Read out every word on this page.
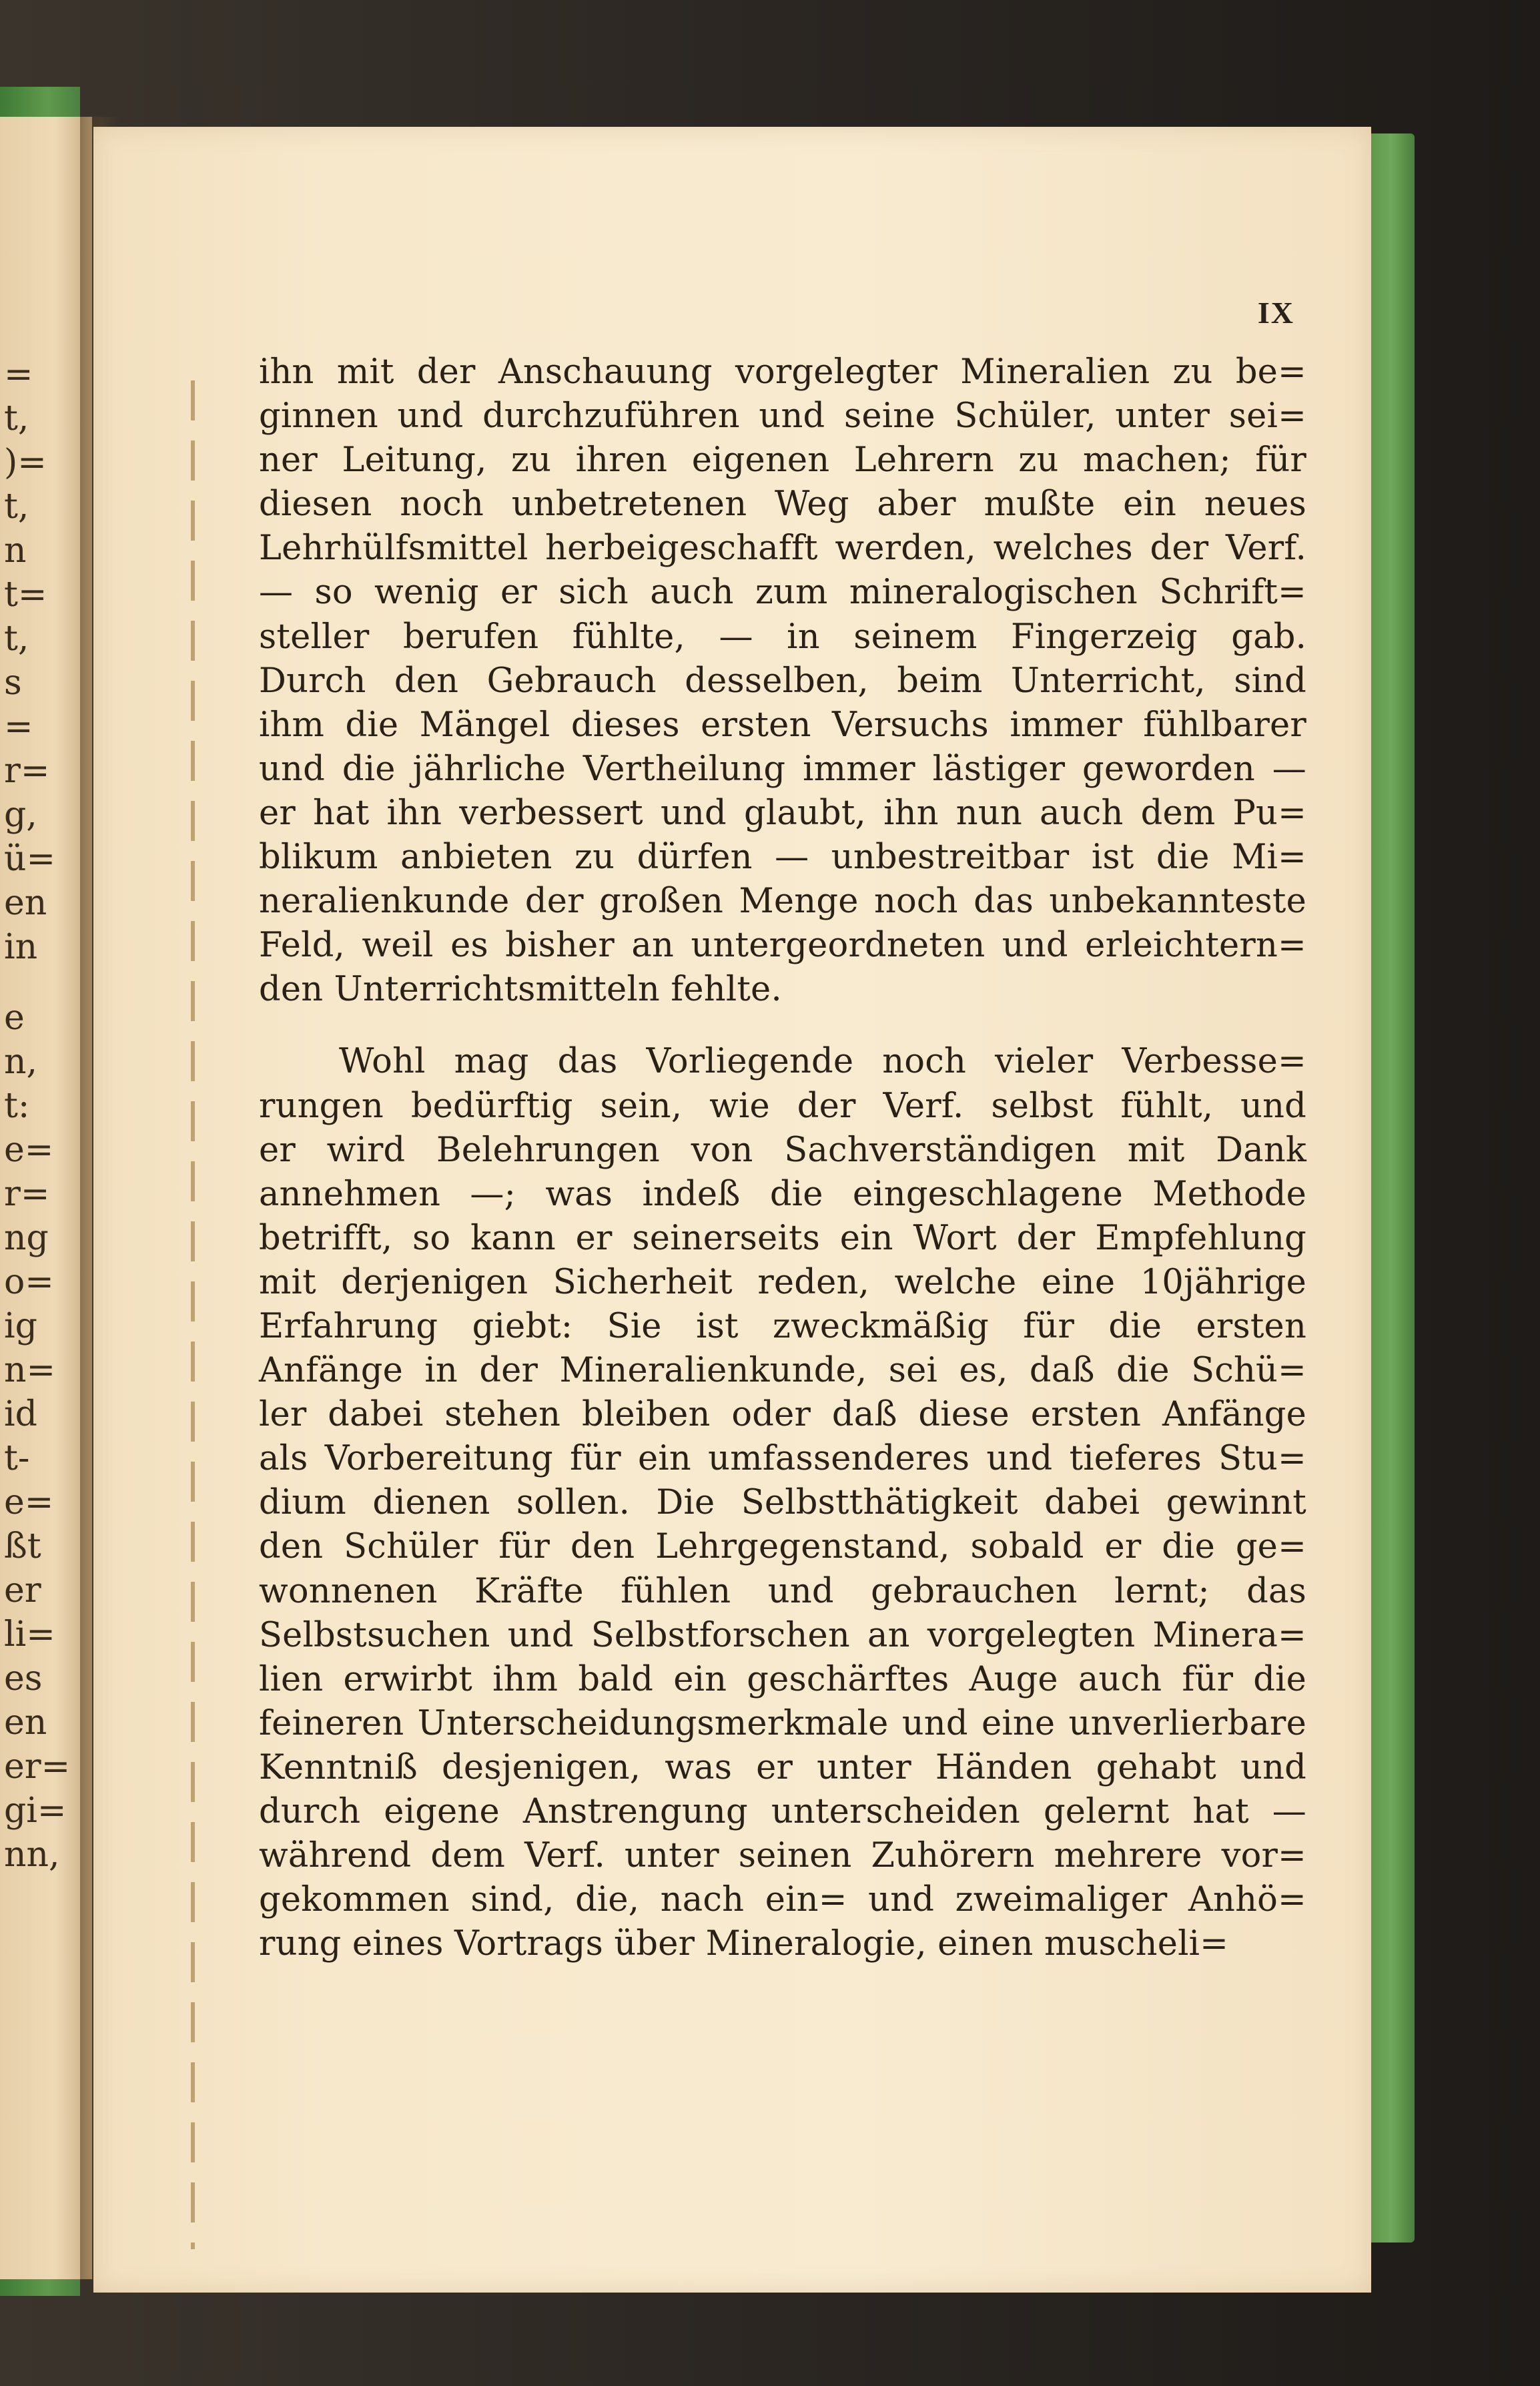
=
t,
)=
t,
n
t=
t,
s
=
r=
g,
ü=
en
in
e
n,
t:
e=
r=
ng
o=
ig
n=
id
t-
e=
ßt
er
li=
es
en
er=
gi=
nn,
IX
ihn mit der Anschauung vorgelegter Mineralien zu be=
ginnen und durchzuführen und seine Schüler, unter sei=
ner Leitung, zu ihren eigenen Lehrern zu machen; für
diesen noch unbetretenen Weg aber mußte ein neues
Lehrhülfsmittel herbeigeschafft werden, welches der Verf.
— so wenig er sich auch zum mineralogischen Schrift=
steller berufen fühlte, — in seinem Fingerzeig gab.
Durch den Gebrauch desselben, beim Unterricht, sind
ihm die Mängel dieses ersten Versuchs immer fühlbarer
und die jährliche Vertheilung immer lästiger geworden —
er hat ihn verbessert und glaubt, ihn nun auch dem Pu=
blikum anbieten zu dürfen — unbestreitbar ist die Mi=
neralienkunde der großen Menge noch das unbekannteste
Feld, weil es bisher an untergeordneten und erleichtern=
den Unterrichtsmitteln fehlte.
Wohl mag das Vorliegende noch vieler Verbesse=
rungen bedürftig sein, wie der Verf. selbst fühlt, und
er wird Belehrungen von Sachverständigen mit Dank
annehmen —; was indeß die eingeschlagene Methode
betrifft, so kann er seinerseits ein Wort der Empfehlung
mit derjenigen Sicherheit reden, welche eine 10jährige
Erfahrung giebt: Sie ist zweckmäßig für die ersten
Anfänge in der Mineralienkunde, sei es, daß die Schü=
ler dabei stehen bleiben oder daß diese ersten Anfänge
als Vorbereitung für ein umfassenderes und tieferes Stu=
dium dienen sollen. Die Selbstthätigkeit dabei gewinnt
den Schüler für den Lehrgegenstand, sobald er die ge=
wonnenen Kräfte fühlen und gebrauchen lernt; das
Selbstsuchen und Selbstforschen an vorgelegten Minera=
lien erwirbt ihm bald ein geschärftes Auge auch für die
feineren Unterscheidungsmerkmale und eine unverlierbare
Kenntniß desjenigen, was er unter Händen gehabt und
durch eigene Anstrengung unterscheiden gelernt hat —
während dem Verf. unter seinen Zuhörern mehrere vor=
gekommen sind, die, nach ein= und zweimaliger Anhö=
rung eines Vortrags über Mineralogie, einen muscheli=
